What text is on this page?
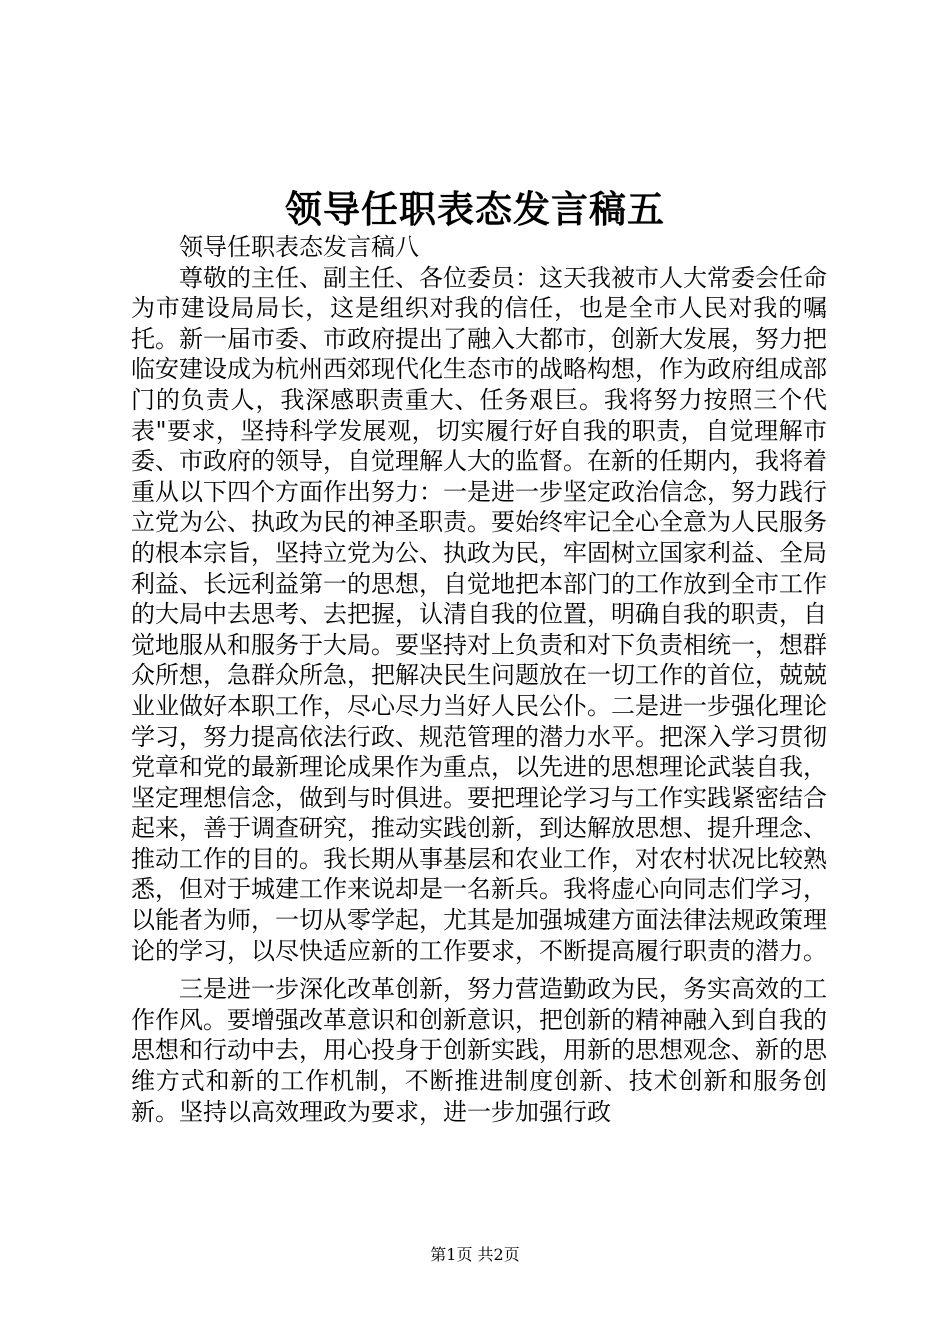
领导任职表态发言稿五

领导任职表态发言稿八

尊敬的主任、副主任、各位委员：这天我被市人大常委会任命为市建设局局长，这是组织对我的信任，也是全市人民对我的嘱托。新一届市委、市政府提出了融入大都市，创新大发展，努力把临安建设成为杭州西郊现代化生态市的战略构想，作为政府组成部门的负责人，我深感职责重大、任务艰巨。我将努力按照三个代表"要求，坚持科学发展观，切实履行好自我的职责，自觉理解市委、市政府的领导，自觉理解人大的监督。在新的任期内，我将着重从以下四个方面作出努力：一是进一步坚定政治信念，努力践行立党为公、执政为民的神圣职责。要始终牢记全心全意为人民服务的根本宗旨，坚持立党为公、执政为民，牢固树立国家利益、全局利益、长远利益第一的思想，自觉地把本部门的工作放到全市工作的大局中去思考、去把握，认清自我的位置，明确自我的职责，自觉地服从和服务于大局。要坚持对上负责和对下负责相统一，想群众所想，急群众所急，把解决民生问题放在一切工作的首位，兢兢业业做好本职工作，尽心尽力当好人民公仆。二是进一步强化理论学习，努力提高依法行政、规范管理的潜力水平。把深入学习贯彻党章和党的最新理论成果作为重点，以先进的思想理论武装自我，坚定理想信念，做到与时俱进。要把理论学习与工作实践紧密结合起来，善于调查研究，推动实践创新，到达解放思想、提升理念、推动工作的目的。我长期从事基层和农业工作，对农村状况比较熟悉，但对于城建工作来说却是一名新兵。我将虚心向同志们学习，以能者为师，一切从零学起，尤其是加强城建方面法律法规政策理论的学习，以尽快适应新的工作要求，不断提高履行职责的潜力。

三是进一步深化改革创新，努力营造勤政为民，务实高效的工作作风。要增强改革意识和创新意识，把创新的精神融入到自我的思想和行动中去，用心投身于创新实践，用新的思想观念、新的思维方式和新的工作机制，不断推进制度创新、技术创新和服务创新。坚持以高效理政为要求，进一步加强行政

第1页 共2页
